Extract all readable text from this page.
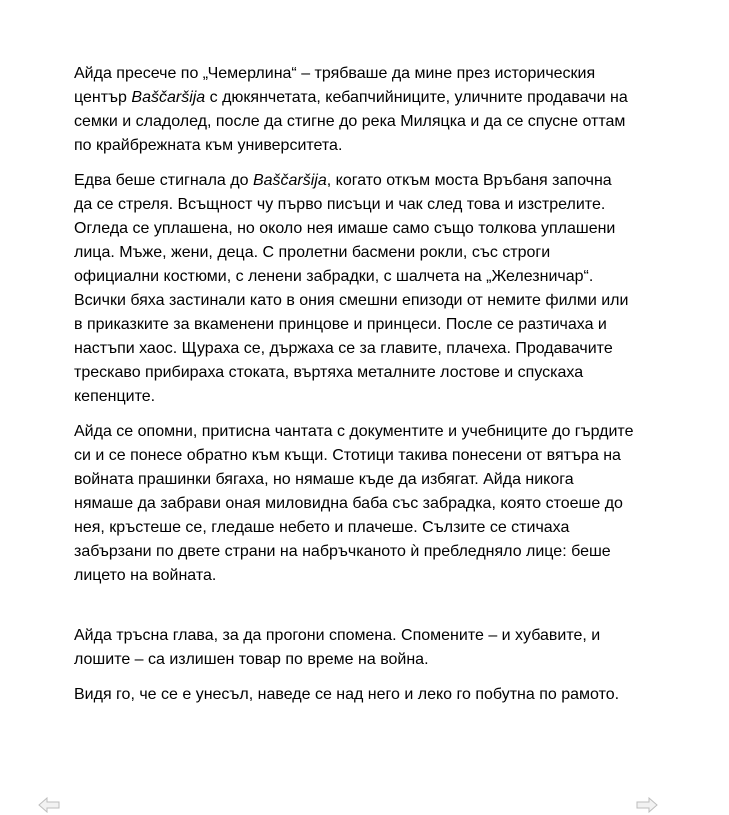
Айда пресече по „Чемерлина“ – трябваше да мине през историческия център Baščaršija с дюкянчетата, кебапчийниците, уличните продавачи на семки и сладолед, после да стигне до река Миляцка и да се спусне оттам по крайбрежната към университета.

Едва беше стигнала до Baščaršija, когато откъм моста Връбаня започна да се стреля. Всъщност чу първо писъци и чак след това и изстрелите. Огледа се уплашена, но около нея имаше само също толкова уплашени лица. Мъже, жени, деца. С пролетни басмени рокли, със строги официални костюми, с ленени забрадки, с шалчета на „Железничар“. Всички бяха застинали като в ония смешни епизоди от немите филми или в приказките за вкаменени принцове и принцеси. После се разтичаха и настъпи хаос. Щураха се, държаха се за главите, плачеха. Продавачите трескаво прибираха стоката, въртяха металните лостове и спускаха кепенците.

Айда се опомни, притисна чантата с документите и учебниците до гърдите си и се понесе обратно към къщи. Стотици такива понесени от вятъра на войната прашинки бягаха, но нямаше къде да избягат. Айда никога нямаше да забрави оная миловидна баба със забрадка, която стоеше до нея, кръстеше се, гледаше небето и плачеше. Сълзите се стичаха забързани по двете страни на набръчканото ѝ пребледняло лице: беше лицето на войната.

Айда тръсна глава, за да прогони спомена. Спомените – и хубавите, и лошите – са излишен товар по време на война.

Видя го, че се е унесъл, наведе се над него и леко го побутна по рамото.
